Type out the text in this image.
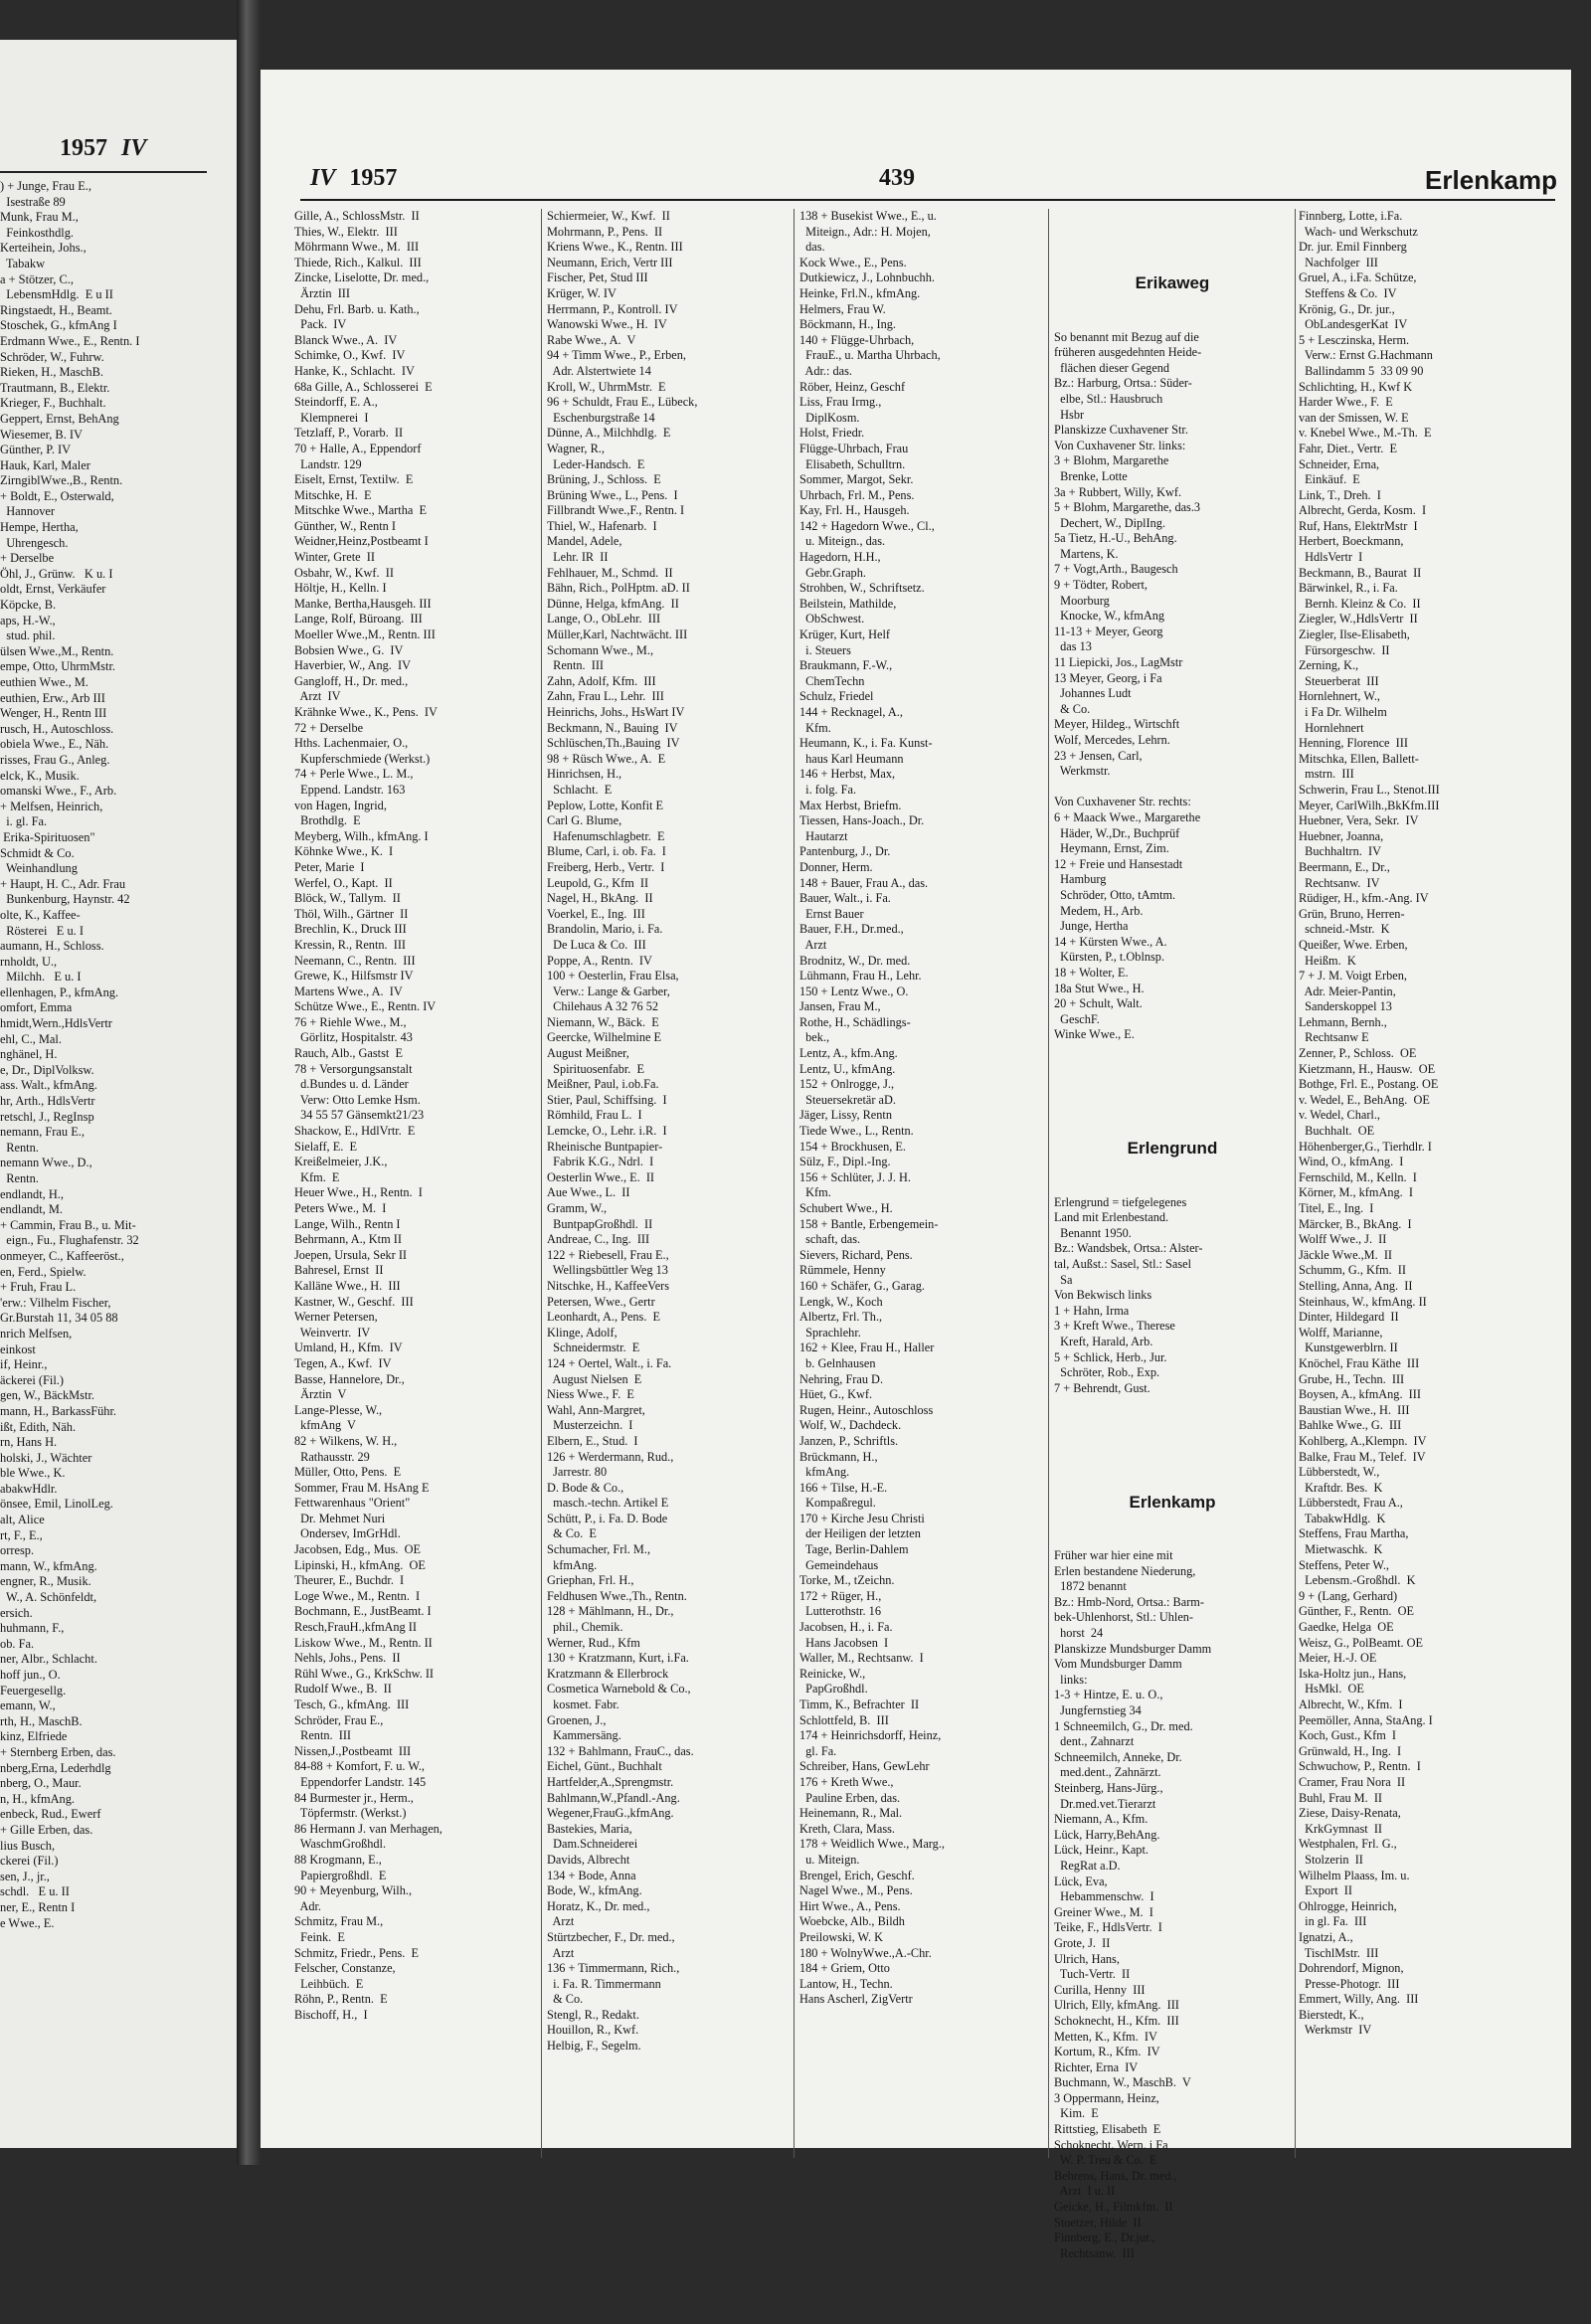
1957 IV
) + Junge, Frau E.,
Isestraße 89
Munk, Frau M.,
Feinkosthdlg.
Kerteihein, Johs.,
Tabakw
a + Stötzer, C.,
LebensmHdlg.  E u II
Ringstaedt, H., Beamt.
Stoschek, G., kfmAng I
Erdmann Wwe., E., Rentn. I
Schröder, W., Fuhrw.
Rieken, H., MaschB.
Trautmann, B., Elektr.
Krieger, F., Buchhalt.
Geppert, Ernst, BehAng
Wiesemer, B. IV
Günther, P. IV
Hauk, Karl, Maler
ZirngiblWwe.,B., Rentn.
+ Boldt, E., Osterwald,
Hannover
Hempe, Hertha,
Uhrengesch.
+ Derselbe
Öhl, J., Grünw.   K u. I
oldt, Ernst, Verkäufer
Köpcke, B.
aps, H.-W.,
stud. phil.
ülsen Wwe.,M., Rentn.
empe, Otto, UhrmMstr.
euthien Wwe., M.
euthien, Erw., Arb III
Wenger, H., Rentn III
rusch, H., Autoschloss.
obiela Wwe., E., Näh.
risses, Frau G., Anleg.
elck, K., Musik.
omanski Wwe., F., Arb.
+ Melfsen, Heinrich,
i. gl. Fa.
Erika-Spirituosen"
Schmidt & Co.
Weinhandlung
+ Haupt, H. C., Adr. Frau
Bunkenburg, Haynstr. 42
olte, K., Kaffee-
Rösterei   E u. I
aumann, H., Schloss.
rnholdt, U.,
Milchh.   E u. I
ellenhagen, P., kfmAng.
omfort, Emma
hmidt,Wern.,HdlsVertr
ehl, C., Mal.
nghänel, H.
e, Dr., DiplVolksw.
ass. Walt., kfmAng.
hr, Arth., HdlsVertr
retschl, J., RegInsp
nemann, Frau E.,
Rentn.
nemann Wwe., D.,
Rentn.
endlandt, H.,
endlandt, M.
+ Cammin, Frau B., u. Mit-
eign., Fu., Flughafenstr. 32
onmeyer, C., Kaffeeröst.,
en, Ferd., Spielw.
+ Fruh, Frau L.
'erw.: Vilhelm Fischer,
Gr.Burstah 11, 34 05 88
nrich Melfsen,
einkost
if, Heinr.,
äckerei (Fil.)
gen, W., BäckMstr.
mann, H., BarkassFühr.
ißt, Edith, Näh.
rn, Hans H.
holski, J., Wächter
ble Wwe., K.
abakwHdlr.
önsee, Emil, LinolLeg.
alt, Alice
rt, F., E.,
orresp.
mann, W., kfmAng.
engner, R., Musik.
W., A. Schönfeldt,
ersich.
huhmann, F.,
ob. Fa.
ner, Albr., Schlacht.
hoff jun., O.
Feuergesellg.
emann, W.,
rth, H., MaschB.
kinz, Elfriede
+ Sternberg Erben, das.
nberg,Erna, Lederhdlg
nberg, O., Maur.
n, H., kfmAng.
enbeck, Rud., Ewerf
+ Gille Erben, das.
lius Busch,
ckerei (Fil.)
sen, J., jr.,
schdl.   E u. II
ner, E., Rentn I
e Wwe., E.
IV 1957	439	Erlenkamp
Gille, A., SchlossMstr.  II
Thies, W., Elektr.  III
Möhrmann Wwe., M.  III
Thiede, Rich., Kalkul.  III
Zincke, Liselotte, Dr. med.,
Ärztin  III
Dehu, Frl. Barb. u. Kath.,
Pack.  IV
Blanck Wwe., A.  IV
Schimke, O., Kwf.  IV
Hanke, K., Schlacht.  IV
68a Gille, A., Schlosserei  E
Steindorff, E. A.,
Klempnerei  I
Tetzlaff, P., Vorarb.  II
70 + Halle, A., Eppendorf
Landstr. 129
Eiselt, Ernst, Textilw.  E
Mitschke, H.  E
Mitschke Wwe., Martha  E
Günther, W., Rentn I
Weidner,Heinz,Postbeamt I
Winter, Grete  II
Osbahr, W., Kwf.  II
Höltje, H., Kelln. I
Manke, Bertha,Hausgeh. III
Lange, Rolf, Büroang.  III
Moeller Wwe.,M., Rentn. III
Bobsien Wwe., G.  IV
Haverbier, W., Ang.  IV
Gangloff, H., Dr. med.,
Arzt  IV
Krähnke Wwe., K., Pens.  IV
72 + Derselbe
Hths. Lachenmaier, O.,
Kupferschmiede (Werkst.)
74 + Perle Wwe., L. M.,
Eppend. Landstr. 163
von Hagen, Ingrid,
Brothdlg.  E
Meyberg, Wilh., kfmAng. I
Köhnke Wwe., K.  I
Peter, Marie  I
Werfel, O., Kapt.  II
Blöck, W., Tallym.  II
Thöl, Wilh., Gärtner  II
Brechlin, K., Druck III
Kressin, R., Rentn.  III
Neemann, C., Rentn.  III
Grewe, K., Hilfsmstr IV
Martens Wwe., A.  IV
Schütze Wwe., E., Rentn. IV
76 + Riehle Wwe., M.,
Görlitz, Hospitalstr. 43
Rauch, Alb., Gastst  E
78 + Versorgungsanstalt
d.Bundes u. d. Länder
Verw: Otto Lemke Hsm.
34 55 57 Gänsemkt21/23
Shackow, E., HdlVrtr.  E
Sielaff, E.  E
Kreißelmeier, J.K.,
Kfm.  E
Heuer Wwe., H., Rentn.  I
Peters Wwe., M.  I
Lange, Wilh., Rentn I
Behrmann, A., Ktm II
Joepen, Ursula, Sekr II
Bahresel, Ernst  II
Kalläne Wwe., H.  III
Kastner, W., Geschf.  III
Werner Petersen,
Weinvertr.  IV
Umland, H., Kfm.  IV
Tegen, A., Kwf.  IV
Basse, Hannelore, Dr.,
Ärztin  V
Lange-Plesse, W.,
kfmAng  V
82 + Wilkens, W. H.,
Rathausstr. 29
Müller, Otto, Pens.  E
Sommer, Frau M. HsAng E
Fettwarenhaus "Orient"
Dr. Mehmet Nuri
Ondersev, ImGrHdl.
Jacobsen, Edg., Mus.  OE
Lipinski, H., kfmAng.  OE
Theurer, E., Buchdr.  I
Loge Wwe., M., Rentn.  I
Bochmann, E., JustBeamt. I
Resch,FrauH.,kfmAng II
Liskow Wwe., M., Rentn. II
Nehls, Johs., Pens.  II
Rühl Wwe., G., KrkSchw. II
Rudolf Wwe., B.  II
Tesch, G., kfmAng.  III
Schröder, Frau E.,
Rentn.  III
Nissen,J.,Postbeamt  III
84-88 + Komfort, F. u. W.,
Eppendorfer Landstr. 145
84 Burmester jr., Herm.,
Töpfermstr. (Werkst.)
86 Hermann J. van Merhagen,
WaschmGroßhdl.
88 Krogmann, E.,
Papiergroßhdl.  E
90 + Meyenburg, Wilh.,
Adr.
Schmitz, Frau M.,
Feink.  E
Schmitz, Friedr., Pens.  E
Felscher, Constanze,
Leihbüch.  E
Röhn, P., Rentn.  E
Bischoff, H.,  I
Schiermeier, W., Kwf.  II
Mohrmann, P., Pens.  II
Kriens Wwe., K., Rentn. III
Neumann, Erich, Vertr III
Fischer, Pet, Stud III
Krüger, W. IV
Herrmann, P., Kontroll. IV
Wanowski Wwe., H.  IV
Rabe Wwe., A.  V
94 + Timm Wwe., P., Erben,
Adr. Alstertwiete 14
Kroll, W., UhrmMstr.  E
96 + Schuldt, Frau E., Lübeck,
Eschenburgstraße 14
Dünne, A., Milchhdlg.  E
Wagner, R.,
Leder-Handsch.  E
Brüning, J., Schloss.  E
Brüning Wwe., L., Pens.  I
Fillbrandt Wwe.,F., Rentn. I
Thiel, W., Hafenarb.  I
Mandel, Adele,
Lehr. IR  II
Fehlhauer, M., Schmd.  II
Bähn, Rich., PolHptm. aD. II
Dünne, Helga, kfmAng.  II
Lange, O., ObLehr.  III
Müller,Karl, Nachtwächt. III
Schomann Wwe., M.,
Rentn.  III
Zahn, Adolf, Kfm.  III
Zahn, Frau L., Lehr.  III
Heinrichs, Johs., HsWart IV
Beckmann, N., Bauing  IV
Schlüschen,Th.,Bauing  IV
98 + Rüsch Wwe., A.  E
Hinrichsen, H.,
Schlacht.  E
Peplow, Lotte, Konfit E
Carl G. Blume,
Hafenumschlagbetr.  E
Blume, Carl, i. ob. Fa.  I
Freiberg, Herb., Vertr.  I
Leupold, G., Kfm  II
Nagel, H., BkAng.  II
Voerkel, E., Ing.  III
Brandolin, Mario, i. Fa.
De Luca & Co.  III
Poppe, A., Rentn.  IV
100 + Oesterlin, Frau Elsa,
Verw.: Lange & Garber,
Chilehaus A 32 76 52
Niemann, W., Bäck.  E
Geercke, Wilhelmine E
August Meißner,
Spirituosenfabr.  E
Meißner, Paul, i.ob.Fa.
Stier, Paul, Schiffsing.  I
Römhild, Frau L.  I
Lemcke, O., Lehr. i.R.  I
Rheinische Buntpapier-
Fabrik K.G., Ndrl.  I
Oesterlin Wwe., E.  II
Aue Wwe., L.  II
Gramm, W.,
BuntpapGroßhdl.  II
Andreae, C., Ing.  III
122 + Riebesell, Frau E.,
Wellingsbüttler Weg 13
Nitschke, H., KaffeeVers
Petersen, Wwe., Gertr
Leonhardt, A., Pens.  E
Klinge, Adolf,
Schneidermstr.  E
124 + Oertel, Walt., i. Fa.
August Nielsen  E
Niess Wwe., F.  E
Wahl, Ann-Margret,
Musterzeichn.  I
Elbern, E., Stud.  I
126 + Werdermann, Rud.,
Jarrestr. 80
D. Bode & Co.,
masch.-techn. Artikel E
Schütt, P., i. Fa. D. Bode
& Co.  E
Schumacher, Frl. M.,
kfmAng.
Griephan, Frl. H.,
Feldhusen Wwe.,Th., Rentn.
128 + Mählmann, H., Dr.,
phil., Chemik.
Werner, Rud., Kfm
130 + Kratzmann, Kurt, i.Fa.
Kratzmann & Ellerbrock
Cosmetica Warnebold & Co.,
kosmet. Fabr.
Groenen, J.,
Kammersäng.
132 + Bahlmann, FrauC., das.
Eichel, Günt., Buchhalt
Hartfelder,A.,Sprengmstr.
Bahlmann,W.,Pfandl.-Ang.
Wegener,FrauG.,kfmAng.
Bastekies, Maria,
Dam.Schneiderei
Davids, Albrecht
134 + Bode, Anna
Bode, W., kfmAng.
Horatz, K., Dr. med.,
Arzt
Stürtzbecher, F., Dr. med.,
Arzt
136 + Timmermann, Rich.,
i. Fa. R. Timmermann
& Co.
Stengl, R., Redakt.
Houillon, R., Kwf.
Helbig, F., Segelm.
138 + Busekist Wwe., E., u.
Miteign., Adr.: H. Mojen,
das.
Kock Wwe., E., Pens.
Dutkiewicz, J., Lohnbuchh.
Heinke, Frl.N., kfmAng.
Helmers, Frau W.
Böckmann, H., Ing.
140 + Flügge-Uhrbach,
FrauE., u. Martha Uhrbach,
Adr.: das.
Röber, Heinz, Geschf
Liss, Frau Irmg.,
DiplKosm.
Holst, Friedr.
Flügge-Uhrbach, Frau
Elisabeth, Schulltrn.
Sommer, Margot, Sekr.
Uhrbach, Frl. M., Pens.
Kay, Frl. H., Hausgeh.
142 + Hagedorn Wwe., Cl.,
u. Miteign., das.
Hagedorn, H.H.,
Gebr.Graph.
Strohben, W., Schriftsetz.
Beilstein, Mathilde,
ObSchwest.
Krüger, Kurt, Helf
i. Steuers
Braukmann, F.-W.,
ChemTechn
Schulz, Friedel
144 + Recknagel, A.,
Kfm.
Heumann, K., i. Fa. Kunst-
haus Karl Heumann
146 + Herbst, Max,
i. folg. Fa.
Max Herbst, Briefm.
Tiessen, Hans-Joach., Dr.
Hautarzt
Pantenburg, J., Dr.
Donner, Herm.
148 + Bauer, Frau A., das.
Bauer, Walt., i. Fa.
Ernst Bauer
Bauer, F.H., Dr.med.,
Arzt
Brodnitz, W., Dr. med.
Lühmann, Frau H., Lehr.
150 + Lentz Wwe., O.
Jansen, Frau M.,
Rothe, H., Schädlings-
bek.,
Lentz, A., kfm.Ang.
Lentz, U., kfmAng.
152 + Onlrogge, J.,
Steuersekretär aD.
Jäger, Lissy, Rentn
Tiede Wwe., L., Rentn.
154 + Brockhusen, E.
Sülz, F., Dipl.-Ing.
156 + Schlüter, J. J. H.
Kfm.
Schubert Wwe., H.
158 + Bantle, Erbengemein-
schaft, das.
Sievers, Richard, Pens.
Rümmele, Henny
160 + Schäfer, G., Garag.
Lengk, W., Koch
Albertz, Frl. Th.,
Sprachlehr.
162 + Klee, Frau H., Haller
b. Gelnhausen
Nehring, Frau D.
Hüet, G., Kwf.
Rugen, Heinr., Autoschloss
Wolf, W., Dachdeck.
Janzen, P., Schriftls.
Brückmann, H.,
kfmAng.
166 + Tilse, H.-E.
Kompaßregul.
170 + Kirche Jesu Christi
der Heiligen der letzten
Tage, Berlin-Dahlem
Gemeindehaus
Torke, M., tZeichn.
172 + Rüger, H.,
Lutterothstr. 16
Jacobsen, H., i. Fa.
Hans Jacobsen  I
Waller, M., Rechtsanw.  I
Reinicke, W.,
PapGroßhdl.
Timm, K., Befrachter  II
Schlottfeld, B.  III
174 + Heinrichsdorff, Heinz,
gl. Fa.
Schreiber, Hans, GewLehr
176 + Kreth Wwe.,
Pauline Erben, das.
Heinemann, R., Mal.
Kreth, Clara, Mass.
178 + Weidlich Wwe., Marg.,
u. Miteign.
Brengel, Erich, Geschf.
Nagel Wwe., M., Pens.
Hirt Wwe., A., Pens.
Woebcke, Alb., Bildh
Preilowski, W. K
180 + WolnyWwe.,A.-Chr.
184 + Griem, Otto
Lantow, H., Techn.
Hans Ascherl, ZigVertr

Erikaweg

So benannt mit Bezug auf die
früheren ausgedehnten Heide-
flächen dieser Gegend
Bz.: Harburg, Ortsa.: Süder-
elbe, Stl.: Hausbruch
Hsbr
Planskizze Cuxhavener Str.
Von Cuxhavener Str. links:
3 + Blohm, Margarethe
Brenke, Lotte
3a + Rubbert, Willy, Kwf.
5 + Blohm, Margarethe, das.3
Dechert, W., DiplIng.
5a Tietz, H.-U., BehAng.
Martens, K.
7 + Vogt,Arth., Baugesch
9 + Tödter, Robert,
Moorburg
Knocke, W., kfmAng
11-13 + Meyer, Georg
das 13
11 Liepicki, Jos., LagMstr
13 Meyer, Georg, i Fa
Johannes Ludt
& Co.
Meyer, Hildeg., Wirtschft
Wolf, Mercedes, Lehrn.
23 + Jensen, Carl,
Werkmstr.

Von Cuxhavener Str. rechts:
6 + Maack Wwe., Margarethe
Häder, W.,Dr., Buchprüf
Heymann, Ernst, Zim.
12 + Freie und Hansestadt
Hamburg
Schröder, Otto, tAmtm.
Medem, H., Arb.
Junge, Hertha
14 + Kürsten Wwe., A.
Kürsten, P., t.Oblnsp.
18 + Wolter, E.
18a Stut Wwe., H.
20 + Schult, Walt.
GeschF.
Winke Wwe., E.

Erlengrund

Erlengrund = tiefgelegenes
Land mit Erlenbestand.
Benannt 1950.
Bz.: Wandsbek, Ortsa.: Alster-
tal, Außst.: Sasel, Stl.: Sasel
Sa
Von Bekwisch links
1 + Hahn, Irma
3 + Kreft Wwe., Therese
Kreft, Harald, Arb.
5 + Schlick, Herb., Jur.
Schröter, Rob., Exp.
7 + Behrendt, Gust.

Erlenkamp

Früher war hier eine mit
Erlen bestandene Niederung,
1872 benannt
Bz.: Hmb-Nord, Ortsa.: Barm-
bek-Uhlenhorst, Stl.: Uhlen-
horst  24
Planskizze Mundsburger Damm
Vom Mundsburger Damm
links:
1-3 + Hintze, E. u. O.,
Jungfernstieg 34
1 Schneemilch, G., Dr. med.
dent., Zahnarzt
Schneemilch, Anneke, Dr.
med.dent., Zahnärzt.
Steinberg, Hans-Jürg.,
Dr.med.vet.Tierarzt
Niemann, A., Kfm.
Lück, Harry,BehAng.
Lück, Heinr., Kapt.
RegRat a.D.
Lück, Eva,
Hebammenschw.  I
Greiner Wwe., M.  I
Teike, F., HdlsVertr.  I
Grote, J.  II
Ulrich, Hans,
Tuch-Vertr.  II
Curilla, Henny  III
Ulrich, Elly, kfmAng.  III
Schoknecht, H., Kfm.  III
Metten, K., Kfm.  IV
Kortum, R., Kfm.  IV
Richter, Erna  IV
Buchmann, W., MaschB.  V
3 Oppermann, Heinz,
Kim.  E
Rittstieg, Elisabeth  E
Schoknecht, Wern. i Fa
W. P. Treu & Co.  E
Behrens, Hans, Dr. med.,
Arzt  I u. II
Geicke, H., Filmkfm.  II
Stoetzer, Hilde  II
Finnberg, E., Dr.jur.,
Rechtsanw.  III

Finnberg, Lotte, i.Fa.
Wach- und Werkschutz
Dr. jur. Emil Finnberg
Nachfolger  III
Gruel, A., i.Fa. Schütze,
Steffens & Co.  IV
Krönig, G., Dr. jur.,
ObLandesgerKat  IV
5 + Lesczinska, Herm.
Verw.: Ernst G.Hachmann
Ballindamm 5  33 09 90
Schlichting, H., Kwf K
Harder Wwe., F.  E
van der Smissen, W. E
v. Knebel Wwe., M.-Th.  E
Fahr, Diet., Vertr.  E
Schneider, Erna,
Einkäuf.  E
Link, T., Dreh.  I
Albrecht, Gerda, Kosm.  I
Ruf, Hans, ElektrMstr  I
Herbert, Boeckmann,
HdlsVertr  I
Beckmann, B., Baurat  II
Bärwinkel, R., i. Fa.
Bernh. Kleinz & Co.  II
Ziegler, W.,HdlsVertr  II
Ziegler, Ilse-Elisabeth,
Fürsorgeschw.  II
Zerning, K.,
Steuerberat  III
Hornlehnert, W.,
i Fa Dr. Wilhelm
Hornlehnert
Henning, Florence  III
Mitschka, Ellen, Ballett-
mstrn.  III
Schwerin, Frau L., Stenot.III
Meyer, CarlWilh.,BkKfm.III
Huebner, Vera, Sekr.  IV
Huebner, Joanna,
Buchhaltrn.  IV
Beermann, E., Dr.,
Rechtsanw.  IV
Rüdiger, H., kfm.-Ang. IV
Grün, Bruno, Herren-
schneid.-Mstr.  K
Queißer, Wwe. Erben,
Heißm.  K
7 + J. M. Voigt Erben,
Adr. Meier-Pantin,
Sanderskoppel 13
Lehmann, Bernh.,
Rechtsanw E
Zenner, P., Schloss.  OE
Kietzmann, H., Hausw.  OE
Bothge, Frl. E., Postang. OE
v. Wedel, E., BehAng.  OE
v. Wedel, Charl.,
Buchhalt.  OE
Höhenberger,G., Tierhdlr. I
Wind, O., kfmAng.  I
Fernschild, M., Kelln.  I
Körner, M., kfmAng.  I
Titel, E., Ing.  I
Märcker, B., BkAng.  I
Wolff Wwe., J.  II
Jäckle Wwe.,M.  II
Schumm, G., Kfm.  II
Stelling, Anna, Ang.  II
Steinhaus, W., kfmAng. II
Dinter, Hildegard  II
Wolff, Marianne,
Kunstgewerblrn. II
Knöchel, Frau Käthe  III
Grube, H., Techn.  III
Boysen, A., kfmAng.  III
Baustian Wwe., H.  III
Bahlke Wwe., G.  III
Kohlberg, A.,Klempn.  IV
Balke, Frau M., Telef.  IV
Lübberstedt, W.,
Kraftdr. Bes.  K
Lübberstedt, Frau A.,
TabakwHdlg.  K
Steffens, Frau Martha,
Mietwaschk.  K
Steffens, Peter W.,
Lebensm.-Großhdl.  K
9 + (Lang, Gerhard)
Günther, F., Rentn.  OE
Gaedke, Helga  OE
Weisz, G., PolBeamt. OE
Meier, H.-J. OE
Iska-Holtz jun., Hans,
HsMkl.  OE
Albrecht, W., Kfm.  I
Peemöller, Anna, StaAng. I
Koch, Gust., Kfm  I
Grünwald, H., Ing.  I
Schwuchow, P., Rentn.  I
Cramer, Frau Nora  II
Buhl, Frau M.  II
Ziese, Daisy-Renata,
KrkGymnast  II
Westphalen, Frl. G.,
Stolzerin  II
Wilhelm Plaass, Im. u.
Export  II
Ohlrogge, Heinrich,
in gl. Fa.  III
Ignatzi, A.,
TischlMstr.  III
Dohrendorf, Mignon,
Presse-Photogr.  III
Emmert, Willy, Ang.  III
Bierstedt, K.,
Werkmstr  IV
